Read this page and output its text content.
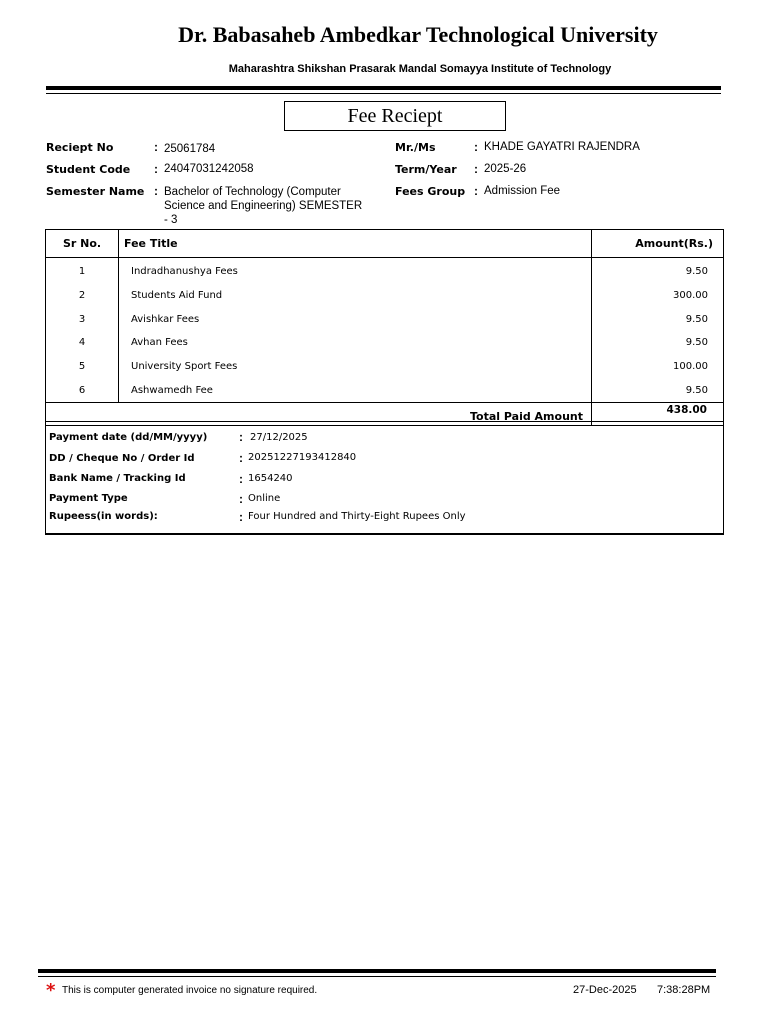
Dr. Babasaheb Ambedkar Technological University
Maharashtra Shikshan Prasarak Mandal Somayya Institute of Technology
Fee Reciept
Reciept No	: 25061784
Student Code : 24047031242058
Semester Name : Bachelor of Technology (Computer
Science and Engineering) SEMESTER
- 3
Mr./Ms	: KHADE GAYATRI RAJENDRA
Term/Year : 2025-26
Fees Group : Admission Fee
Sr No.	Fee Title	Amount(Rs.)
1	Indradhanushya Fees	9.50
2	Students Aid Fund	300.00
3	Avishkar Fees	9.50
4	Avhan Fees	9.50
5	University Sport Fees	100.00
6	Ashwamedh Fee	9.50
Total Paid Amount		438.00
Payment date (dd/MM/yyyy)	: 27/12/2025
DD / Cheque No / Order Id	: 20251227193412840
Bank Name / Tracking Id	: 1654240
Payment Type	: Online
Rupeess(in words):	: Four Hundred and Thirty-Eight Rupees Only
* This is computer generated invoice no signature required.	27-Dec-2025 7:38:28PM
